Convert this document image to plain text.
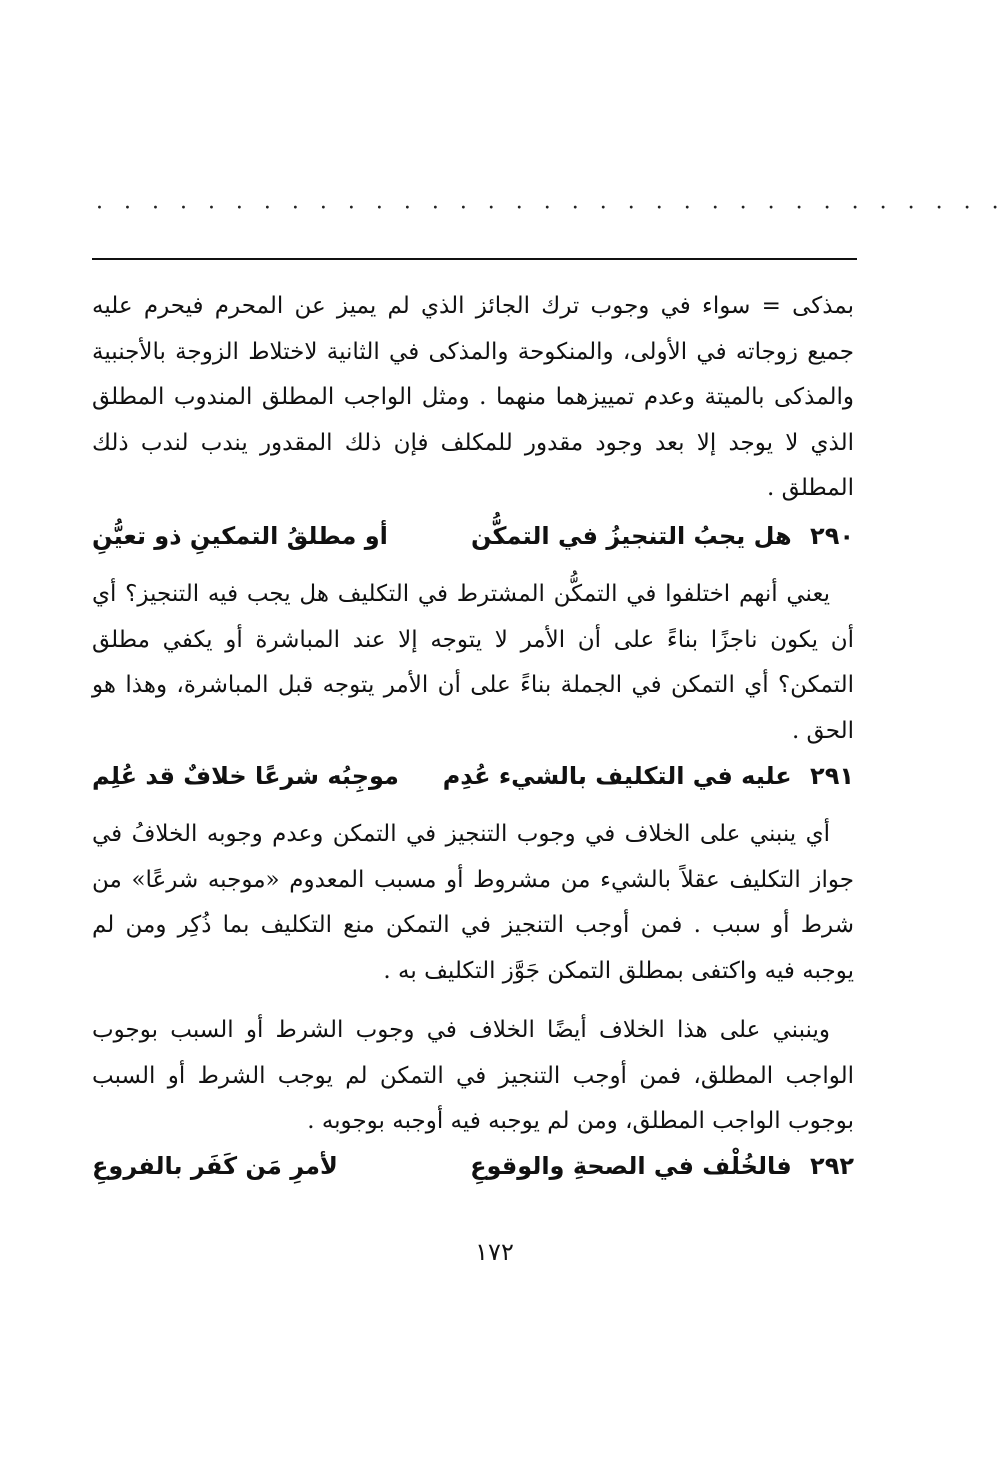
· · · · · · · · · · · · · · · · · · · · · · · · · · · · · · · · ·

بمذكى = سواء في وجوب ترك الجائز الذي لم يميز عن المحرم فيحرم عليه جميع زوجاته في الأولى، والمنكوحة والمذكى في الثانية لاختلاط الزوجة بالأجنبية والمذكى بالميتة وعدم تمييزهما منهما . ومثل الواجب المطلق المندوب المطلق الذي لا يوجد إلا بعد وجود مقدور للمكلف فإن ذلك المقدور يندب لندب ذلك المطلق .

٢٩٠ هل يجبُ التنجيزُ في التمكُّن
أو مطلقُ التمكينِ ذو تعيُّنِ

يعني أنهم اختلفوا في التمكُّن المشترط في التكليف هل يجب فيه التنجيز؟ أي أن يكون ناجزًا بناءً على أن الأمر لا يتوجه إلا عند المباشرة أو يكفي مطلق التمكن؟ أي التمكن في الجملة بناءً على أن الأمر يتوجه قبل المباشرة، وهذا هو الحق .

٢٩١ عليه في التكليف بالشيء عُدِم
موجِبُه شرعًا خلافٌ قد عُلِم

أي ينبني على الخلاف في وجوب التنجيز في التمكن وعدم وجوبه الخلافُ في جواز التكليف عقلاً بالشيء من مشروط أو مسبب المعدوم «موجبه شرعًا» من شرط أو سبب . فمن أوجب التنجيز في التمكن منع التكليف بما ذُكِر ومن لم يوجبه فيه واكتفى بمطلق التمكن جَوَّز التكليف به .

وينبني على هذا الخلاف أيضًا الخلاف في وجوب الشرط أو السبب بوجوب الواجب المطلق، فمن أوجب التنجيز في التمكن لم يوجب الشرط أو السبب بوجوب الواجب المطلق، ومن لم يوجبه فيه أوجبه بوجوبه .

٢٩٢ فالخُلْف في الصحةِ والوقوعِ
لأمرِ مَن كَفَر بالفروعِ
١٧٢
